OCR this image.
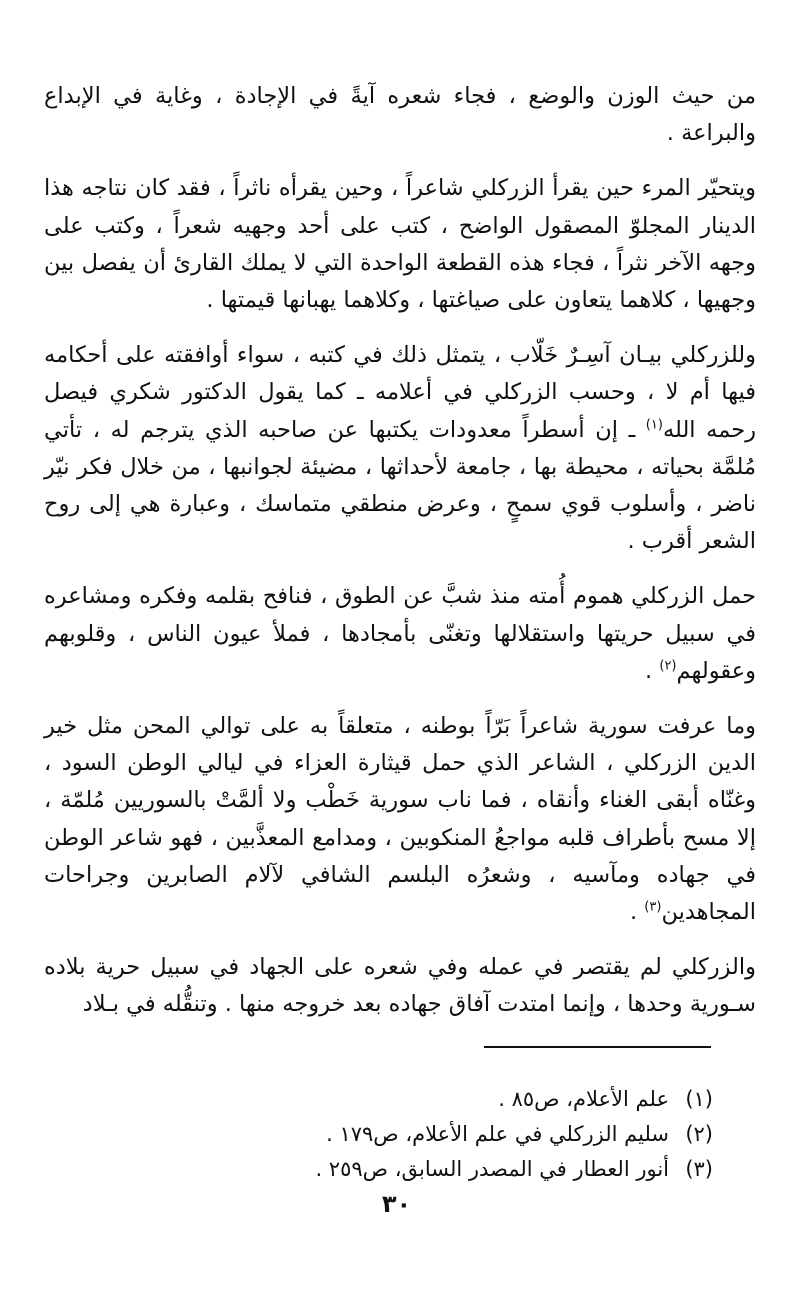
من حيث الوزن والوضع ، فجاء شعره آيةً في الإجادة ، وغاية في الإبداع والبراعة .

ويتحيّر المرء حين يقرأ الزركلي شاعراً ، وحين يقرأه ناثراً ، فقد كان نتاجه هذا الدينار المجلوّ المصقول الواضح ، كتب على أحد وجهيه شعراً ، وكتب على وجهه الآخر نثراً ، فجاء هذه القطعة الواحدة التي لا يملك القارئ أن يفصل بين وجهيها ، كلاهما يتعاون على صياغتها ، وكلاهما يهبانها قيمتها .

وللزركلي بيـان آسِـرٌ خَلّاب ، يتمثل ذلك في كتبه ، سواء أوافقته على أحكامه فيها أم لا ، وحسب الزركلي في أعلامه ـ كما يقول الدكتور شكري فيصل رحمه الله$^{(١)}$ ـ إن أسطراً معدودات يكتبها عن صاحبه الذي يترجم له ، تأتي مُلمَّة بحياته ، محيطة بها ، جامعة لأحداثها ، مضيئة لجوانبها ، من خلال فكر نيّر ناضر ، وأسلوب قوي سمحٍ ، وعرض منطقي متماسك ، وعبارة هي إلى روح الشعر أقرب .

حمل الزركلي هموم أُمته منذ شبَّ عن الطوق ، فنافح بقلمه وفكره ومشاعره في سبيل حريتها واستقلالها وتغنّى بأمجادها ، فملأ عيون الناس ، وقلوبهم وعقولهم$^{(٢)}$ .

وما عرفت سورية شاعراً بَرّاً بوطنه ، متعلقاً به على توالي المحن مثل خير الدين الزركلي ، الشاعر الذي حمل قيثارة العزاء في ليالي الوطن السود ، وغنّاه أبقى الغناء وأنقاه ، فما ناب سورية خَطْب ولا ألمَّتْ بالسوريين مُلمّة ، إلا مسح بأطراف قلبه مواجعُ المنكوبين ، ومدامع المعذَّبين ، فهو شاعر الوطن في جهاده ومآسيه ، وشعرُه البلسم الشافي لآلام الصابرين وجراحات المجاهدين$^{(٣)}$ .

والزركلي لم يقتصر في عمله وفي شعره على الجهاد في سبيل حرية بلاده سـورية وحدها ، وإنما امتدت آفاق جهاده بعد خروجه منها . وتنقُّله في بـلاد

(١)
علم الأعلام، ص٨٥ .
(٢)
سليم الزركلي في علم الأعلام، ص١٧٩ .
(٣)
أنور العطار في المصدر السابق، ص٢٥٩ .
٣٠
